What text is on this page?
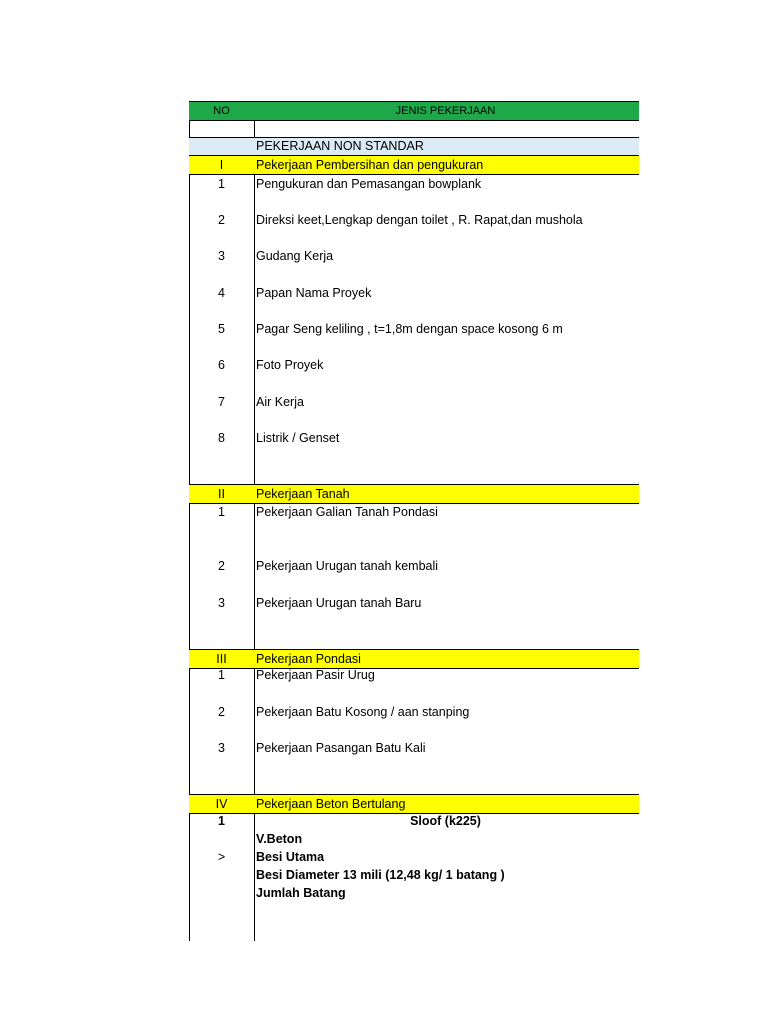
NO	JENIS PEKERJAAN
PEKERJAAN NON STANDAR
I	Pekerjaan Pembersihan dan pengukuran
1	Pengukuran dan Pemasangan bowplank
2	Direksi keet,Lengkap dengan toilet , R. Rapat,dan mushola
3	Gudang Kerja
4	Papan Nama Proyek
5	Pagar Seng keliling , t=1,8m dengan space kosong 6 m
6	Foto Proyek
7	Air Kerja
8	Listrik / Genset
II	Pekerjaan Tanah
1	Pekerjaan Galian Tanah Pondasi
2	Pekerjaan Urugan tanah kembali
3	Pekerjaan Urugan tanah Baru
III	Pekerjaan Pondasi
1	Pekerjaan Pasir Urug
2	Pekerjaan Batu Kosong / aan stanping
3	Pekerjaan Pasangan Batu Kali
IV	Pekerjaan Beton Bertulang
1	Sloof (k225)
V.Beton
>	Besi Utama
Besi Diameter 13 mili (12,48 kg/ 1 batang )
Jumlah Batang
